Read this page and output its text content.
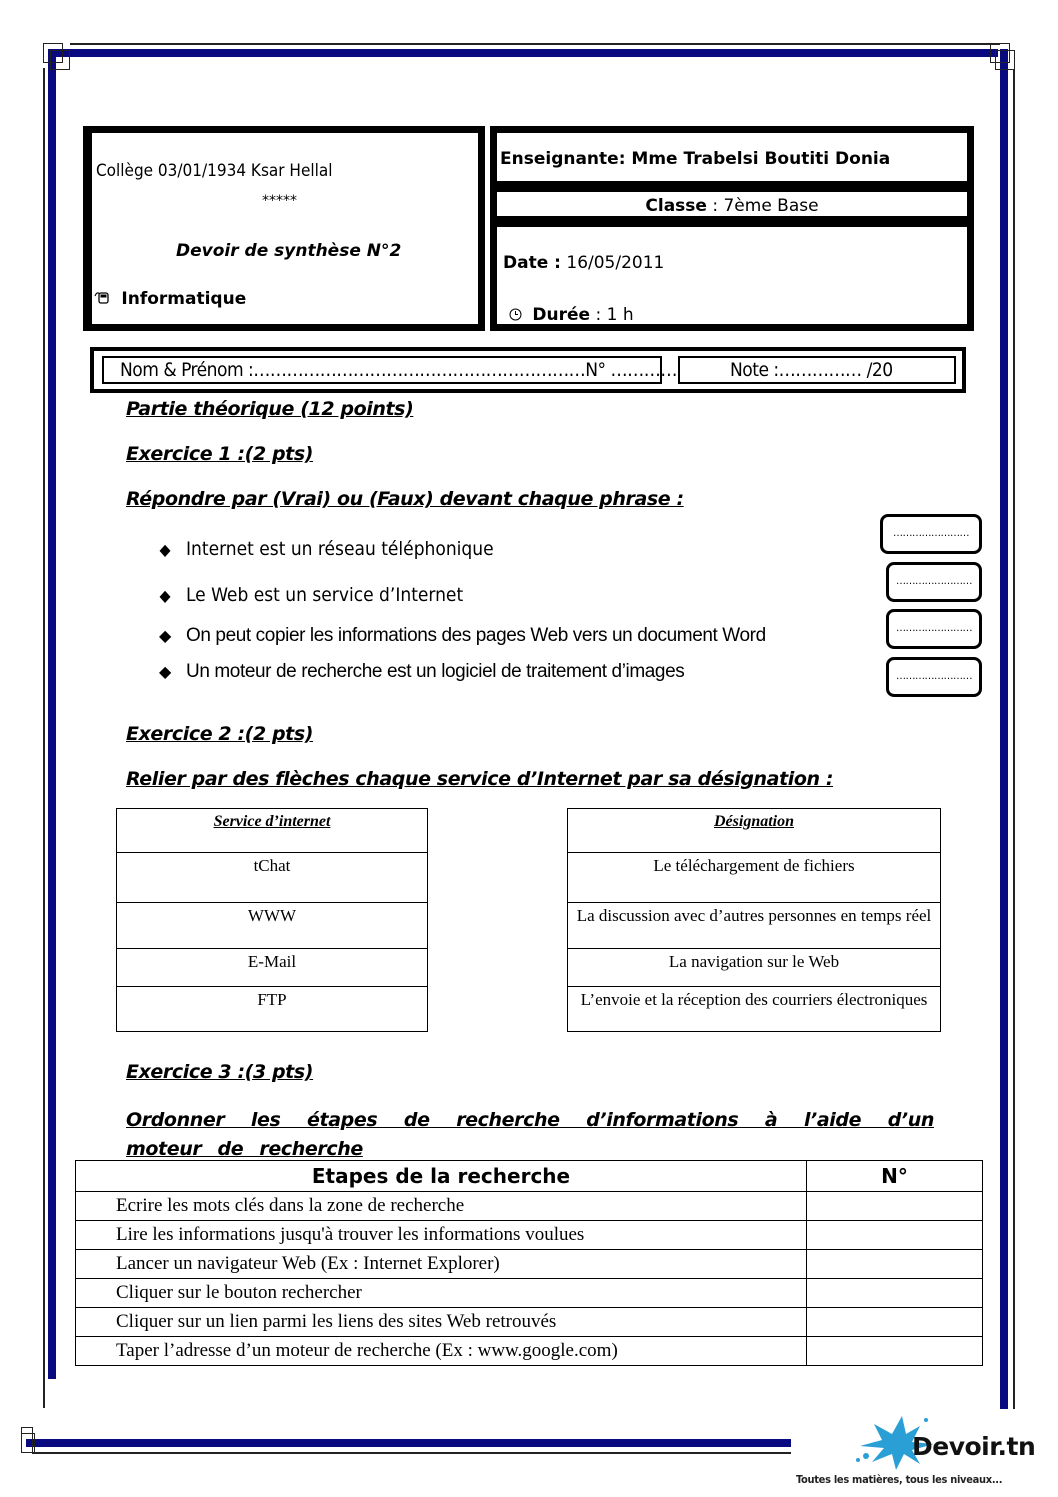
Collège 03/01/1934 Ksar Hellal
*****
Devoir de synthèse N°2
Informatique
Enseignante: Mme Trabelsi Boutiti Donia
Classe : 7ème Base
Date : 16/05/2011
Durée : 1 h
Nom & Prénom :……………………………………………………N° …………	Note :…………… /20
Partie théorique (12 points)
Exercice 1 :(2 pts)
Répondre par (Vrai) ou (Faux) devant chaque phrase :
◆ Internet est un réseau téléphonique
◆ Le Web est un service d’Internet
◆ On peut copier les informations des pages Web vers un document Word
◆ Un moteur de recherche est un logiciel de traitement d’images
……………………
……………………
……………………
……………………
Exercice 2 :(2 pts)
Relier par des flèches chaque service d’Internet par sa désignation :
Service d’internet
tChat
WWW
E-Mail
FTP
Désignation
Le téléchargement de fichiers
La discussion avec d’autres personnes en temps réel
La navigation sur le Web
L’envoie et la réception des courriers électroniques
Exercice 3 :(3 pts)
Ordonner les étapes de recherche d’informations à l’aide d’un moteur de recherche
Etapes de la recherche	N°
Ecrire les mots clés dans la zone de recherche	
Lire les informations jusqu'à trouver les informations voulues	
Lancer un navigateur Web (Ex : Internet Explorer)	
Cliquer sur le bouton rechercher	
Cliquer sur un lien parmi les liens des sites Web retrouvés	
Taper l’adresse d’un moteur de recherche (Ex : www.google.com)	
Devoir.tn
Toutes les matières, tous les niveaux...
